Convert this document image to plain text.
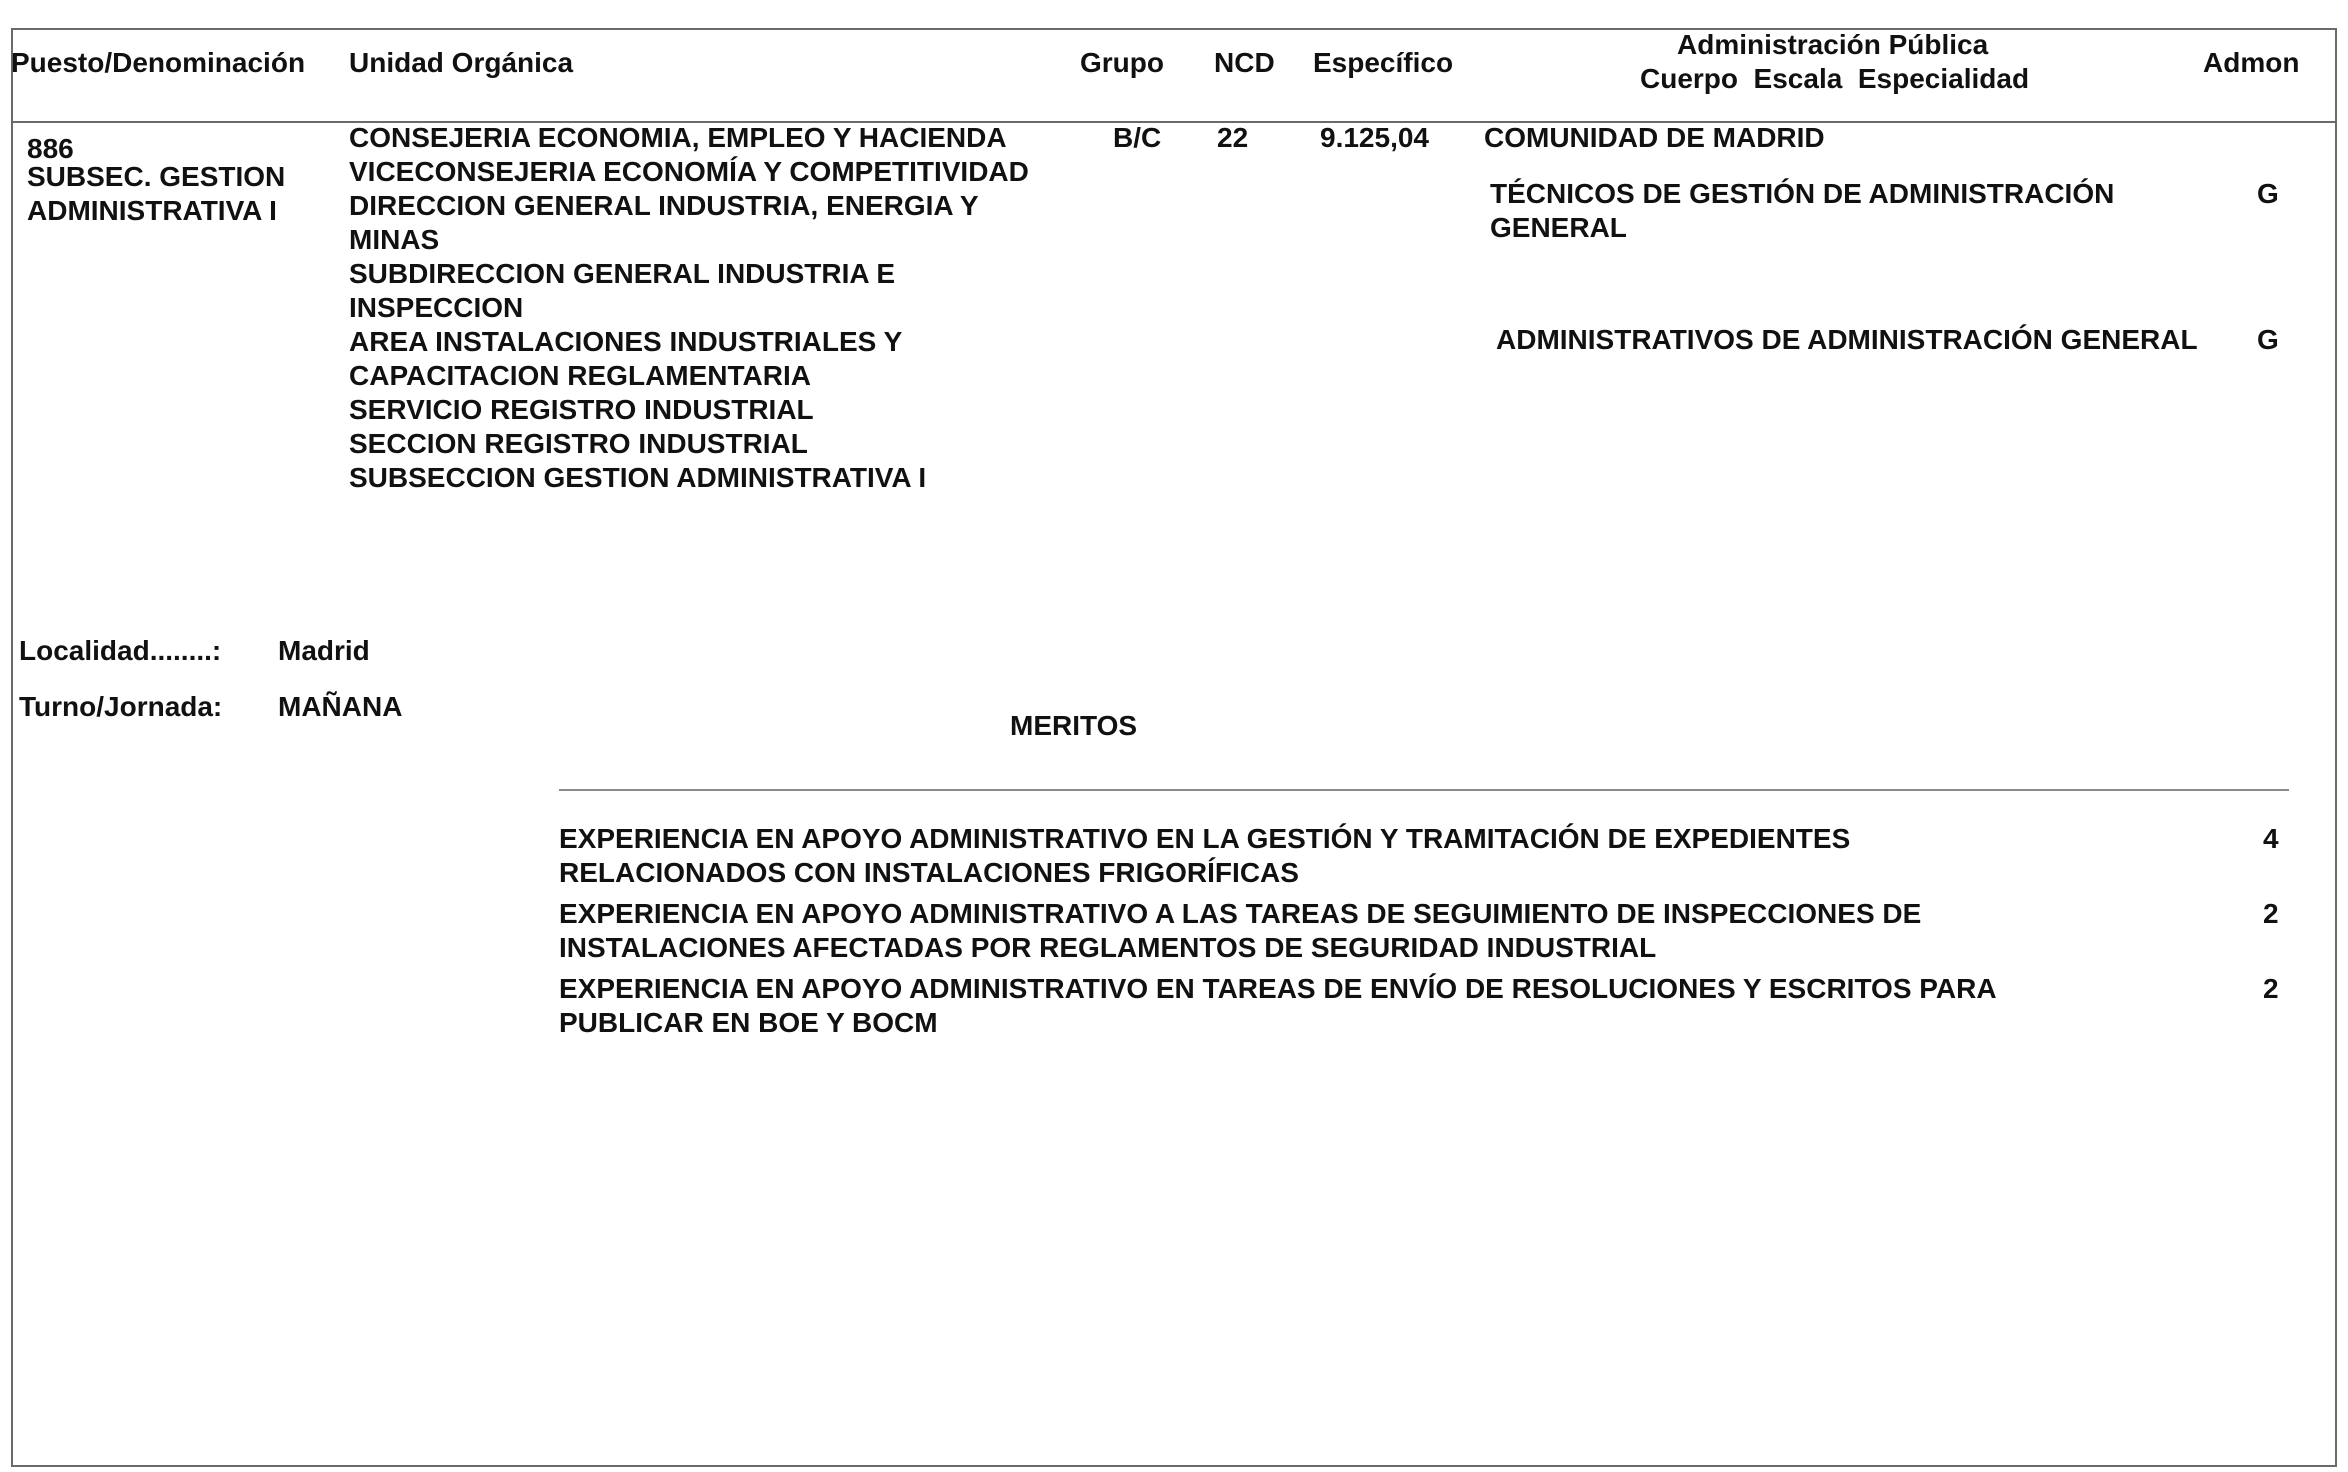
Puesto/Denominación Unidad Orgánica	Grupo NCD Específico
Administración Pública
Cuerpo  Escala  Especialidad
Admon
886
SUBSEC. GESTION
ADMINISTRATIVA I
CONSEJERIA ECONOMIA, EMPLEO Y HACIENDA
VICECONSEJERIA ECONOMÍA Y COMPETITIVIDAD
DIRECCION GENERAL INDUSTRIA, ENERGIA Y
MINAS
SUBDIRECCION GENERAL INDUSTRIA E
INSPECCION
AREA INSTALACIONES INDUSTRIALES Y
CAPACITACION REGLAMENTARIA
SERVICIO REGISTRO INDUSTRIAL
SECCION REGISTRO INDUSTRIAL
SUBSECCION GESTION ADMINISTRATIVA I
B/C 22	9.125,04 COMUNIDAD DE MADRID
TÉCNICOS DE GESTIÓN DE ADMINISTRACIÓN
GENERAL
G
ADMINISTRATIVOS DE ADMINISTRACIÓN GENERAL G
Localidad........: Madrid
Turno/Jornada: MAÑANA
MERITOS
EXPERIENCIA EN APOYO ADMINISTRATIVO EN LA GESTIÓN Y TRAMITACIÓN DE EXPEDIENTES
RELACIONADOS CON INSTALACIONES FRIGORÍFICAS
4
EXPERIENCIA EN APOYO ADMINISTRATIVO A LAS TAREAS DE SEGUIMIENTO DE INSPECCIONES DE
INSTALACIONES AFECTADAS POR REGLAMENTOS DE SEGURIDAD INDUSTRIAL
2
EXPERIENCIA EN APOYO ADMINISTRATIVO EN TAREAS DE ENVÍO DE RESOLUCIONES Y ESCRITOS PARA
PUBLICAR EN BOE Y BOCM
2
